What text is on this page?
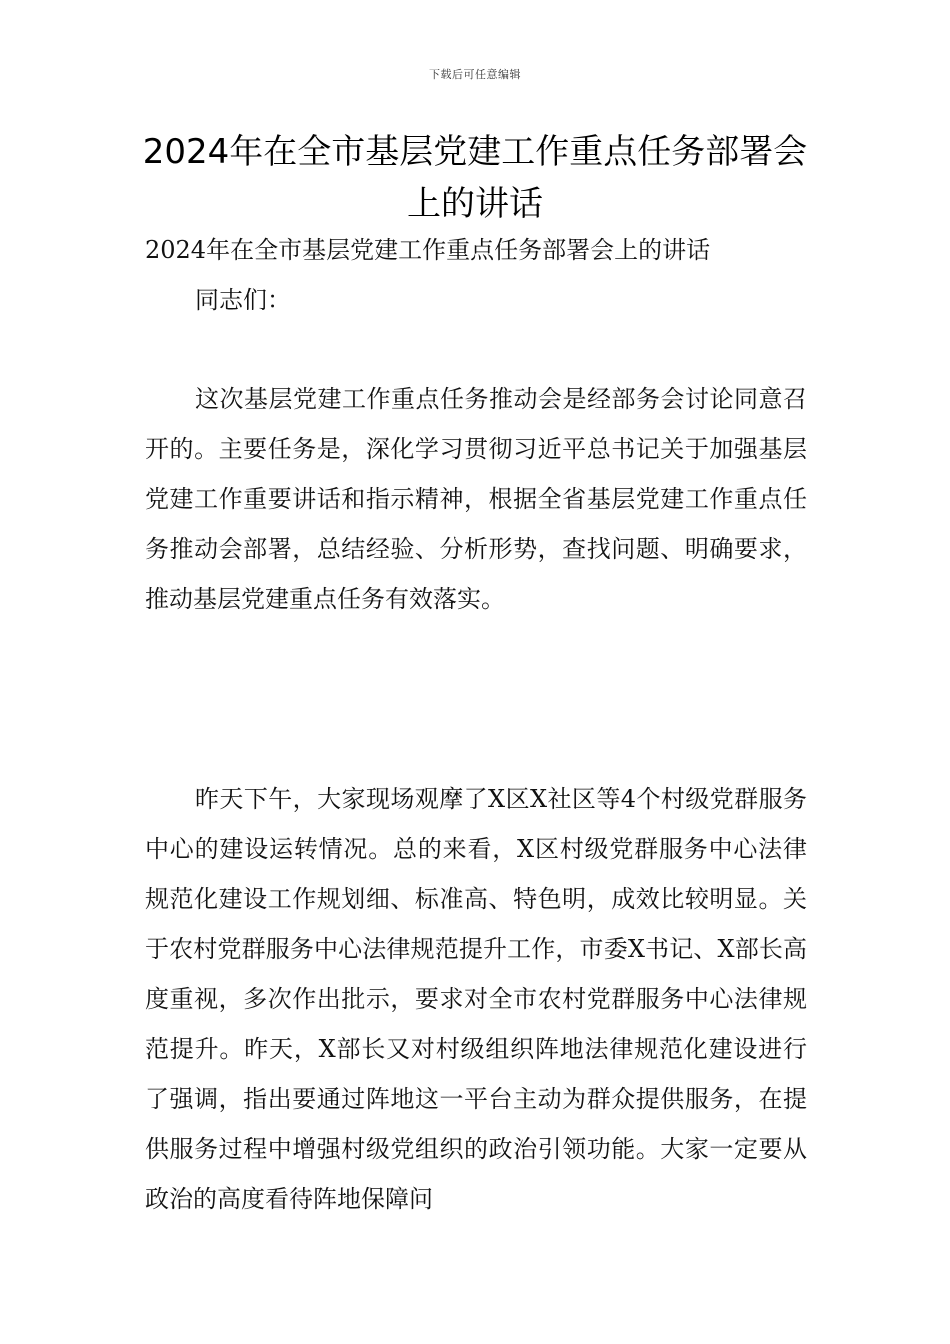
下载后可任意编辑
2024年在全市基层党建工作重点任务部署会上的讲话
2024年在全市基层党建工作重点任务部署会上的讲话
同志们：

这次基层党建工作重点任务推动会是经部务会讨论同意召开的。主要任务是，深化学习贯彻习近平总书记关于加强基层党建工作重要讲话和指示精神，根据全省基层党建工作重点任务推动会部署，总结经验、分析形势，查找问题、明确要求，推动基层党建重点任务有效落实。

昨天下午，大家现场观摩了X区X社区等4个村级党群服务中心的建设运转情况。总的来看，X区村级党群服务中心法律规范化建设工作规划细、标准高、特色明，成效比较明显。关于农村党群服务中心法律规范提升工作，市委X书记、X部长高度重视，多次作出批示，要求对全市农村党群服务中心法律规范提升。昨天，X部长又对村级组织阵地法律规范化建设进行了强调，指出要通过阵地这一平台主动为群众提供服务，在提供服务过程中增强村级党组织的政治引领功能。大家一定要从政治的高度看待阵地保障问
